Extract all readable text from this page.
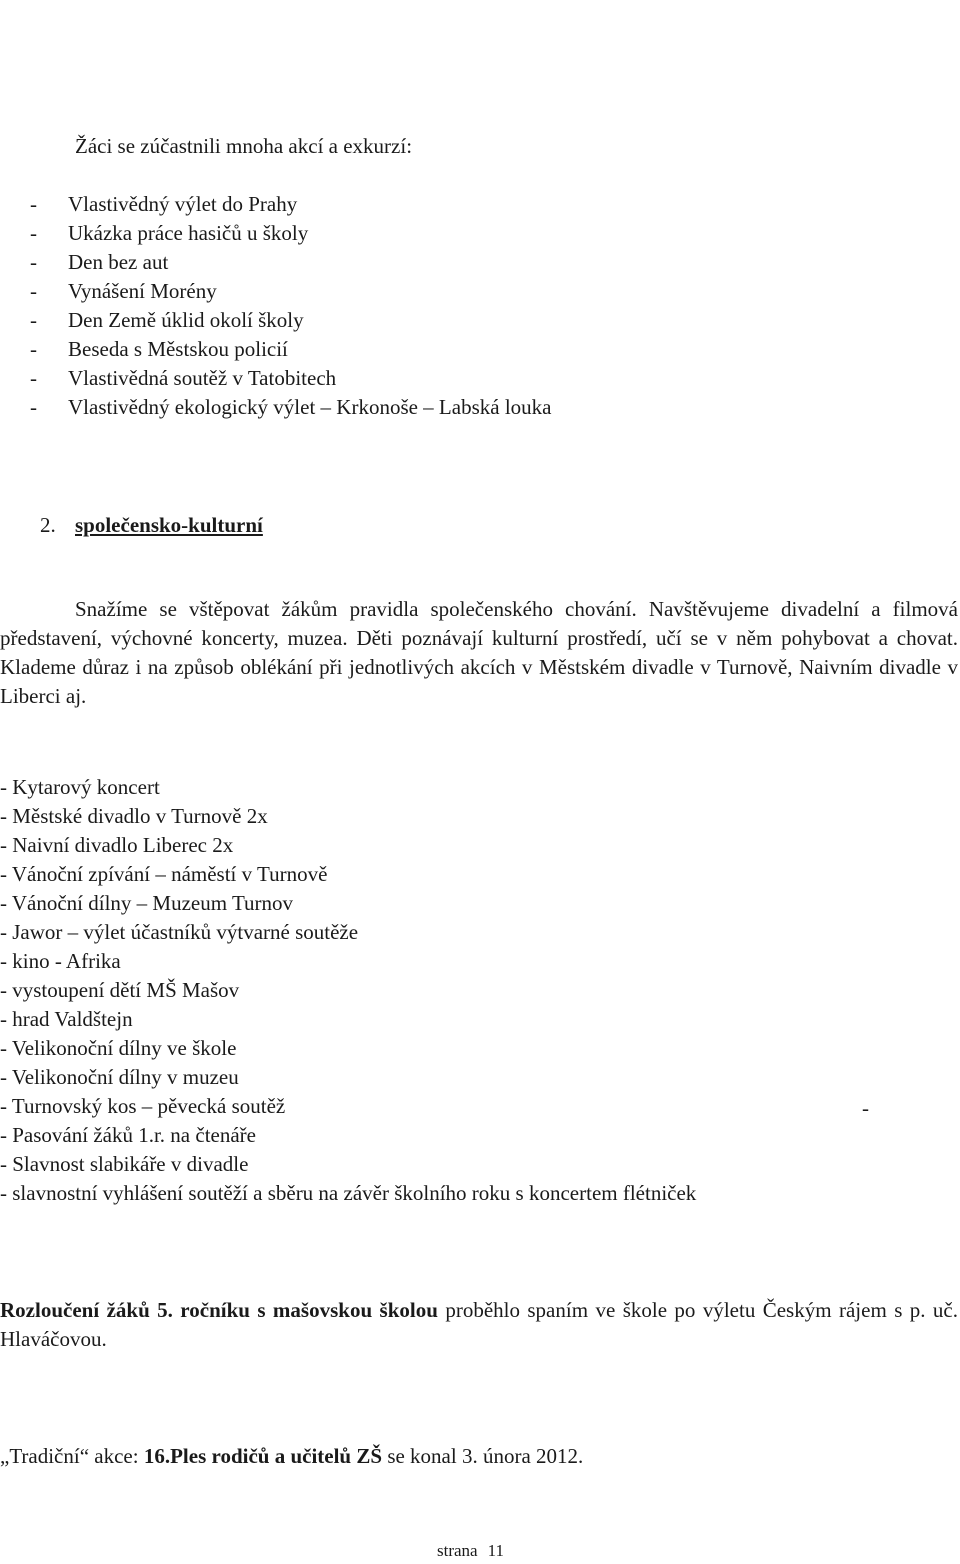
Žáci se zúčastnili mnoha akcí a exkurzí:
-	Vlastivědný výlet do Prahy
-	Ukázka práce hasičů u školy
-	Den bez aut
-	Vynášení Morény
-	Den Země úklid okolí školy
-	Beseda s Městskou policií
-	Vlastivědná soutěž v Tatobitech
-	Vlastivědný ekologický výlet – Krkonoše – Labská louka
2. společensko-kulturní

Snažíme se vštěpovat žákům pravidla společenského chování. Navštěvujeme divadelní a filmová představení, výchovné koncerty, muzea. Děti poznávají kulturní prostředí, učí se v něm pohybovat a chovat. Klademe důraz i na způsob oblékání při jednotlivých akcích v Městském divadle v Turnově, Naivním divadle v Liberci aj.

- Kytarový koncert
- Městské divadlo v Turnově 2x
- Naivní divadlo Liberec 2x
- Vánoční zpívání – náměstí v Turnově
- Vánoční dílny – Muzeum Turnov
- Jawor – výlet účastníků výtvarné soutěže
- kino - Afrika
- vystoupení dětí MŠ Mašov
- hrad Valdštejn
- Velikonoční dílny ve škole
- Velikonoční dílny v muzeu
- Turnovský kos – pěvecká soutěž
- Pasování žáků 1.r. na čtenáře
- Slavnost slabikáře v divadle
- slavnostní vyhlášení soutěží a sběru na závěr školního roku s koncertem flétniček
-

Rozloučení žáků 5. ročníku s mašovskou školou proběhlo spaním ve škole po výletu Českým rájem s p. uč. Hlaváčovou.

„Tradiční“ akce: 16.Ples rodičů a učitelů ZŠ se konal 3. února 2012.
strana 11
